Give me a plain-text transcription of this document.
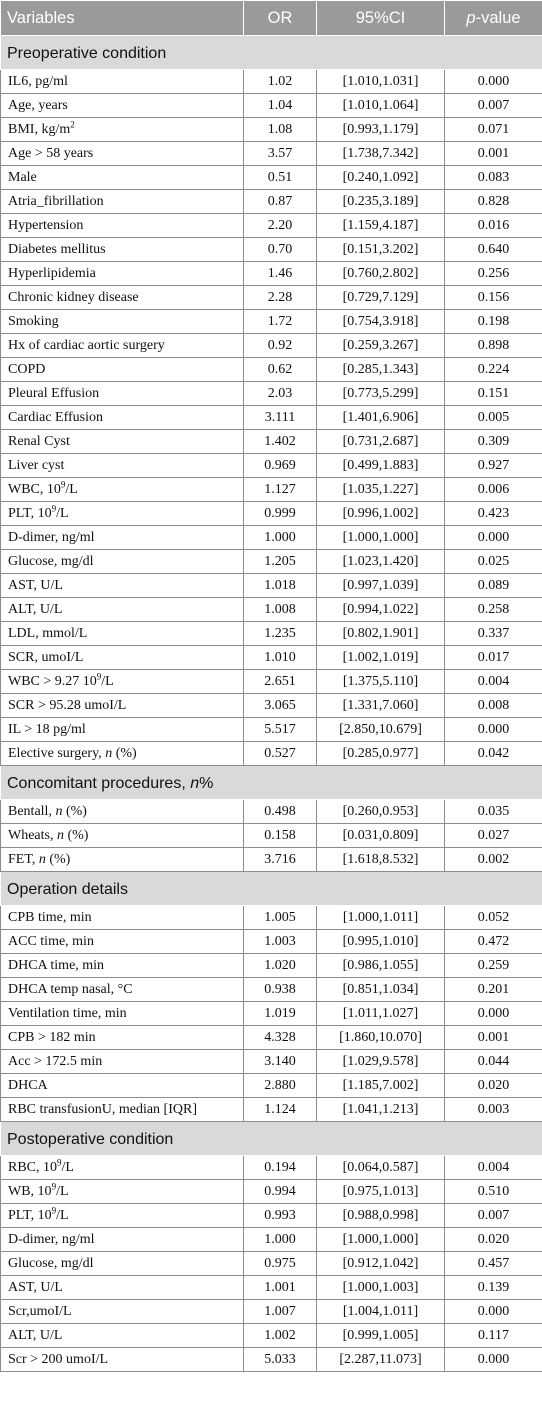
Variables	OR	95%CI	p-value
Preoperative condition			
IL6, pg/ml	1.02	[1.010,1.031]	0.000
Age, years	1.04	[1.010,1.064]	0.007
BMI, $kg/m^2$	1.08	[0.993,1.179]	0.071
Age > 58 years	3.57	[1.738,7.342]	0.001
Male	0.51	[0.240,1.092]	0.083
Atria_fibrillation	0.87	[0.235,3.189]	0.828
Hypertension	2.20	[1.159,4.187]	0.016
Diabetes mellitus	0.70	[0.151,3.202]	0.640
Hyperlipidemia	1.46	[0.760,2.802]	0.256
Chronic kidney disease	2.28	[0.729,7.129]	0.156
Smoking	1.72	[0.754,3.918]	0.198
Hx of cardiac aortic surgery	0.92	[0.259,3.267]	0.898
COPD	0.62	[0.285,1.343]	0.224
Pleural Effusion	2.03	[0.773,5.299]	0.151
Cardiac Effusion	3.111	[1.401,6.906]	0.005
Renal Cyst	1.402	[0.731,2.687]	0.309
Liver cyst	0.969	[0.499,1.883]	0.927
WBC, $10^9/L$	1.127	[1.035,1.227]	0.006
PLT, $10^9/L$	0.999	[0.996,1.002]	0.423
D-dimer, ng/ml	1.000	[1.000,1.000]	0.000
Glucose, mg/dl	1.205	[1.023,1.420]	0.025
AST, U/L	1.018	[0.997,1.039]	0.089
ALT, U/L	1.008	[0.994,1.022]	0.258
LDL, mmol/L	1.235	[0.802,1.901]	0.337
SCR, umoI/L	1.010	[1.002,1.019]	0.017
WBC > 9.27 $10^9/L$	2.651	[1.375,5.110]	0.004
SCR > 95.28 umoI/L	3.065	[1.331,7.060]	0.008
IL > 18 pg/ml	5.517	[2.850,10.679]	0.000
Elective surgery, n (%)	0.527	[0.285,0.977]	0.042
Concomitant procedures, n%			
Bentall, n (%)	0.498	[0.260,0.953]	0.035
Wheats, n (%)	0.158	[0.031,0.809]	0.027
FET, n (%)	3.716	[1.618,8.532]	0.002
Operation details			
CPB time, min	1.005	[1.000,1.011]	0.052
ACC time, min	1.003	[0.995,1.010]	0.472
DHCA time, min	1.020	[0.986,1.055]	0.259
DHCA temp nasal, °C	0.938	[0.851,1.034]	0.201
Ventilation time, min	1.019	[1.011,1.027]	0.000
CPB > 182 min	4.328	[1.860,10.070]	0.001
Acc > 172.5 min	3.140	[1.029,9.578]	0.044
DHCA	2.880	[1.185,7.002]	0.020
RBC transfusionU, median [IQR]	1.124	[1.041,1.213]	0.003
Postoperative condition			
RBC, $10^9/L$	0.194	[0.064,0.587]	0.004
WB, $10^9/L$	0.994	[0.975,1.013]	0.510
PLT, $10^9/L$	0.993	[0.988,0.998]	0.007
D-dimer, ng/ml	1.000	[1.000,1.000]	0.020
Glucose, mg/dl	0.975	[0.912,1.042]	0.457
AST, U/L	1.001	[1.000,1.003]	0.139
Scr,umoI/L	1.007	[1.004,1.011]	0.000
ALT, U/L	1.002	[0.999,1.005]	0.117
Scr > 200 umoI/L	5.033	[2.287,11.073]	0.000
